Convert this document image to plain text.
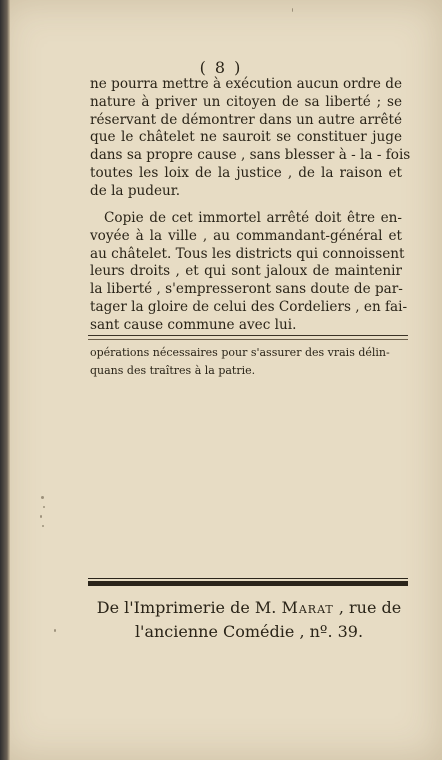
( 8 )

ne pourra mettre à exécution aucun ordre de
nature à priver un citoyen de sa liberté ; se
réservant de démontrer dans un autre arrêté
que le châtelet ne sauroit se constituer juge
dans sa propre cause , sans blesser à - la - fois
toutes les loix de la justice , de la raison et
de la pudeur.

Copie de cet immortel arrêté doit être en-
voyée à la ville , au commandant-général et
au châtelet. Tous les districts qui connoissent
leurs droits , et qui sont jaloux de maintenir
la liberté , s'empresseront sans doute de par-
tager la gloire de celui des Cordeliers , en fai-
sant cause commune avec lui.

opérations nécessaires pour s'assurer des vrais délin-
quans des traîtres à la patrie.
De l'Imprimerie de M. Marat , rue de
l'ancienne Comédie , nº. 39.
